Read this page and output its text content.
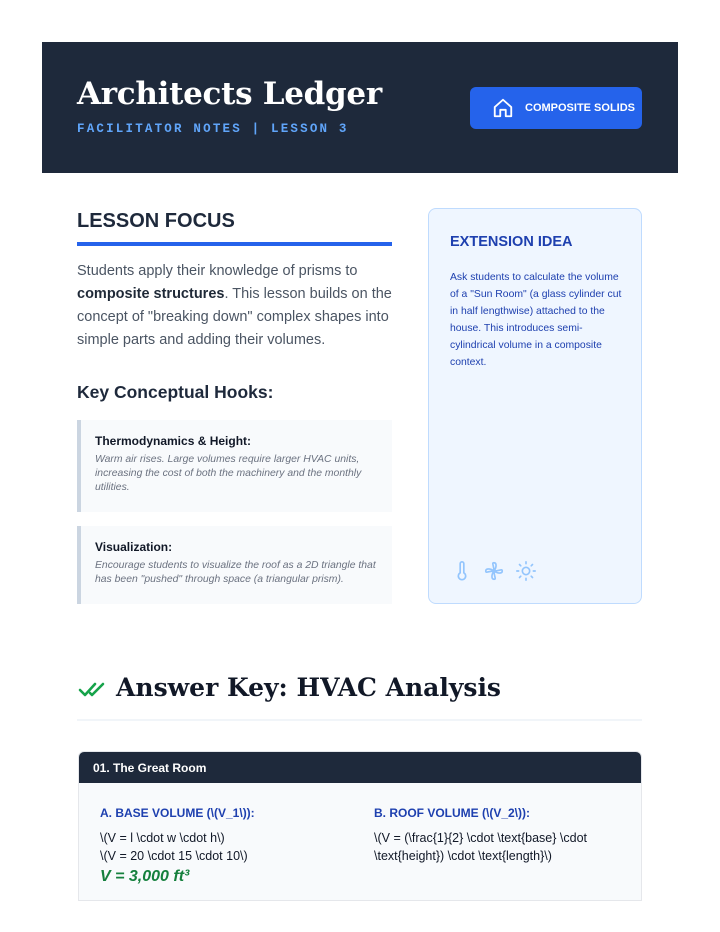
Architects Ledger
FACILITATOR NOTES | LESSON 3
COMPOSITE SOLIDS
LESSON FOCUS

Students apply their knowledge of prisms to composite structures. This lesson builds on the concept of "breaking down" complex shapes into simple parts and adding their volumes.

Key Conceptual Hooks:
Thermodynamics & Height:
Warm air rises. Large volumes require larger HVAC units, increasing the cost of both the machinery and the monthly utilities.
Visualization:
Encourage students to visualize the roof as a 2D triangle that has been "pushed" through space (a triangular prism).
EXTENSION IDEA

Ask students to calculate the volume of a "Sun Room" (a glass cylinder cut in half lengthwise) attached to the house. This introduces semi-cylindrical volume in a composite context.

Answer Key: HVAC Analysis
01. The Great Room
A. BASE VOLUME (\(V_1\)):
\(V = l \cdot w \cdot h\)
\(V = 20 \cdot 15 \cdot 10\)
V = 3,000 ft³
B. ROOF VOLUME (\(V_2\)):
\(V = (\frac{1}{2} \cdot \text{base} \cdot \text{height}) \cdot \text{length}\)
